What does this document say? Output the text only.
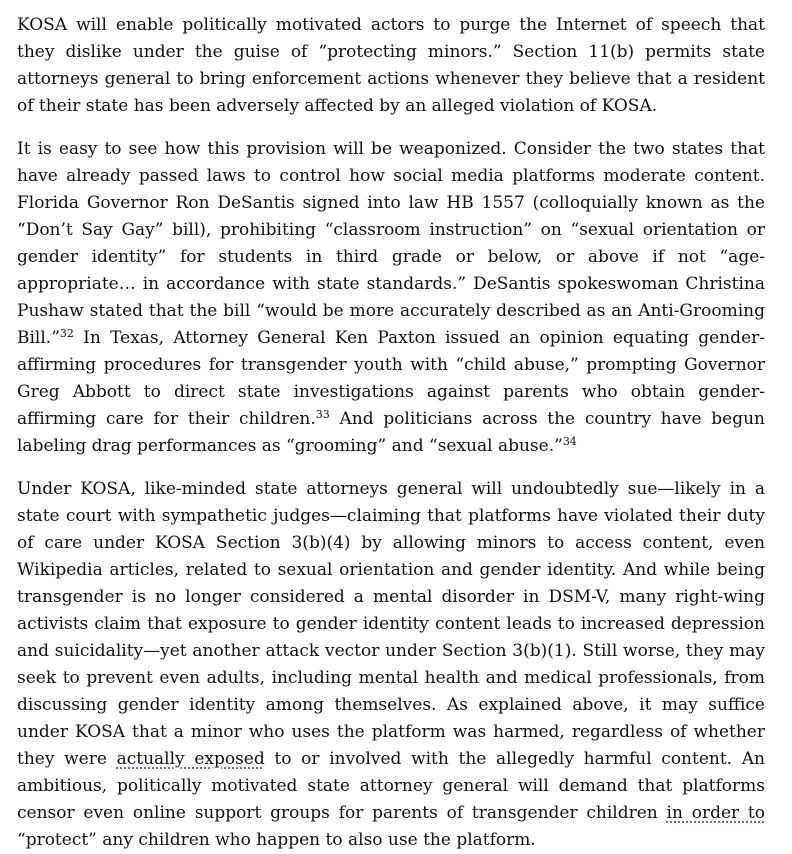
KOSA will enable politically motivated actors to purge the Internet of speech that they dislike under the guise of “protecting minors.” Section 11(b) permits state attorneys general to bring enforcement actions whenever they believe that a resident of their state has been adversely affected by an alleged violation of KOSA.

It is easy to see how this provision will be weaponized. Consider the two states that have already passed laws to control how social media platforms moderate content. Florida Governor Ron DeSantis signed into law HB 1557 (colloquially known as the “Don’t Say Gay” bill), prohibiting “classroom instruction” on “sexual orientation or gender identity” for students in third grade or below, or above if not “age-appropriate… in accordance with state standards.” DeSantis spokeswoman Christina Pushaw stated that the bill “would be more accurately described as an Anti-Grooming Bill.”$^{32}$ In Texas, Attorney General Ken Paxton issued an opinion equating gender-affirming procedures for transgender youth with “child abuse,” prompting Governor Greg Abbott to direct state investigations against parents who obtain gender-affirming care for their children.$^{33}$ And politicians across the country have begun labeling drag performances as “grooming” and “sexual abuse.”$^{34}$

Under KOSA, like-minded state attorneys general will undoubtedly sue—likely in a state court with sympathetic judges—claiming that platforms have violated their duty of care under KOSA Section 3(b)(4) by allowing minors to access content, even Wikipedia articles, related to sexual orientation and gender identity. And while being transgender is no longer considered a mental disorder in DSM-V, many right-wing activists claim that exposure to gender identity content leads to increased depression and suicidality—yet another attack vector under Section 3(b)(1). Still worse, they may seek to prevent even adults, including mental health and medical professionals, from discussing gender identity among themselves. As explained above, it may suffice under KOSA that a minor who uses the platform was harmed, regardless of whether they were actually exposed to or involved with the allegedly harmful content. An ambitious, politically motivated state attorney general will demand that platforms censor even online support groups for parents of transgender children in order to “protect” any children who happen to also use the platform.
